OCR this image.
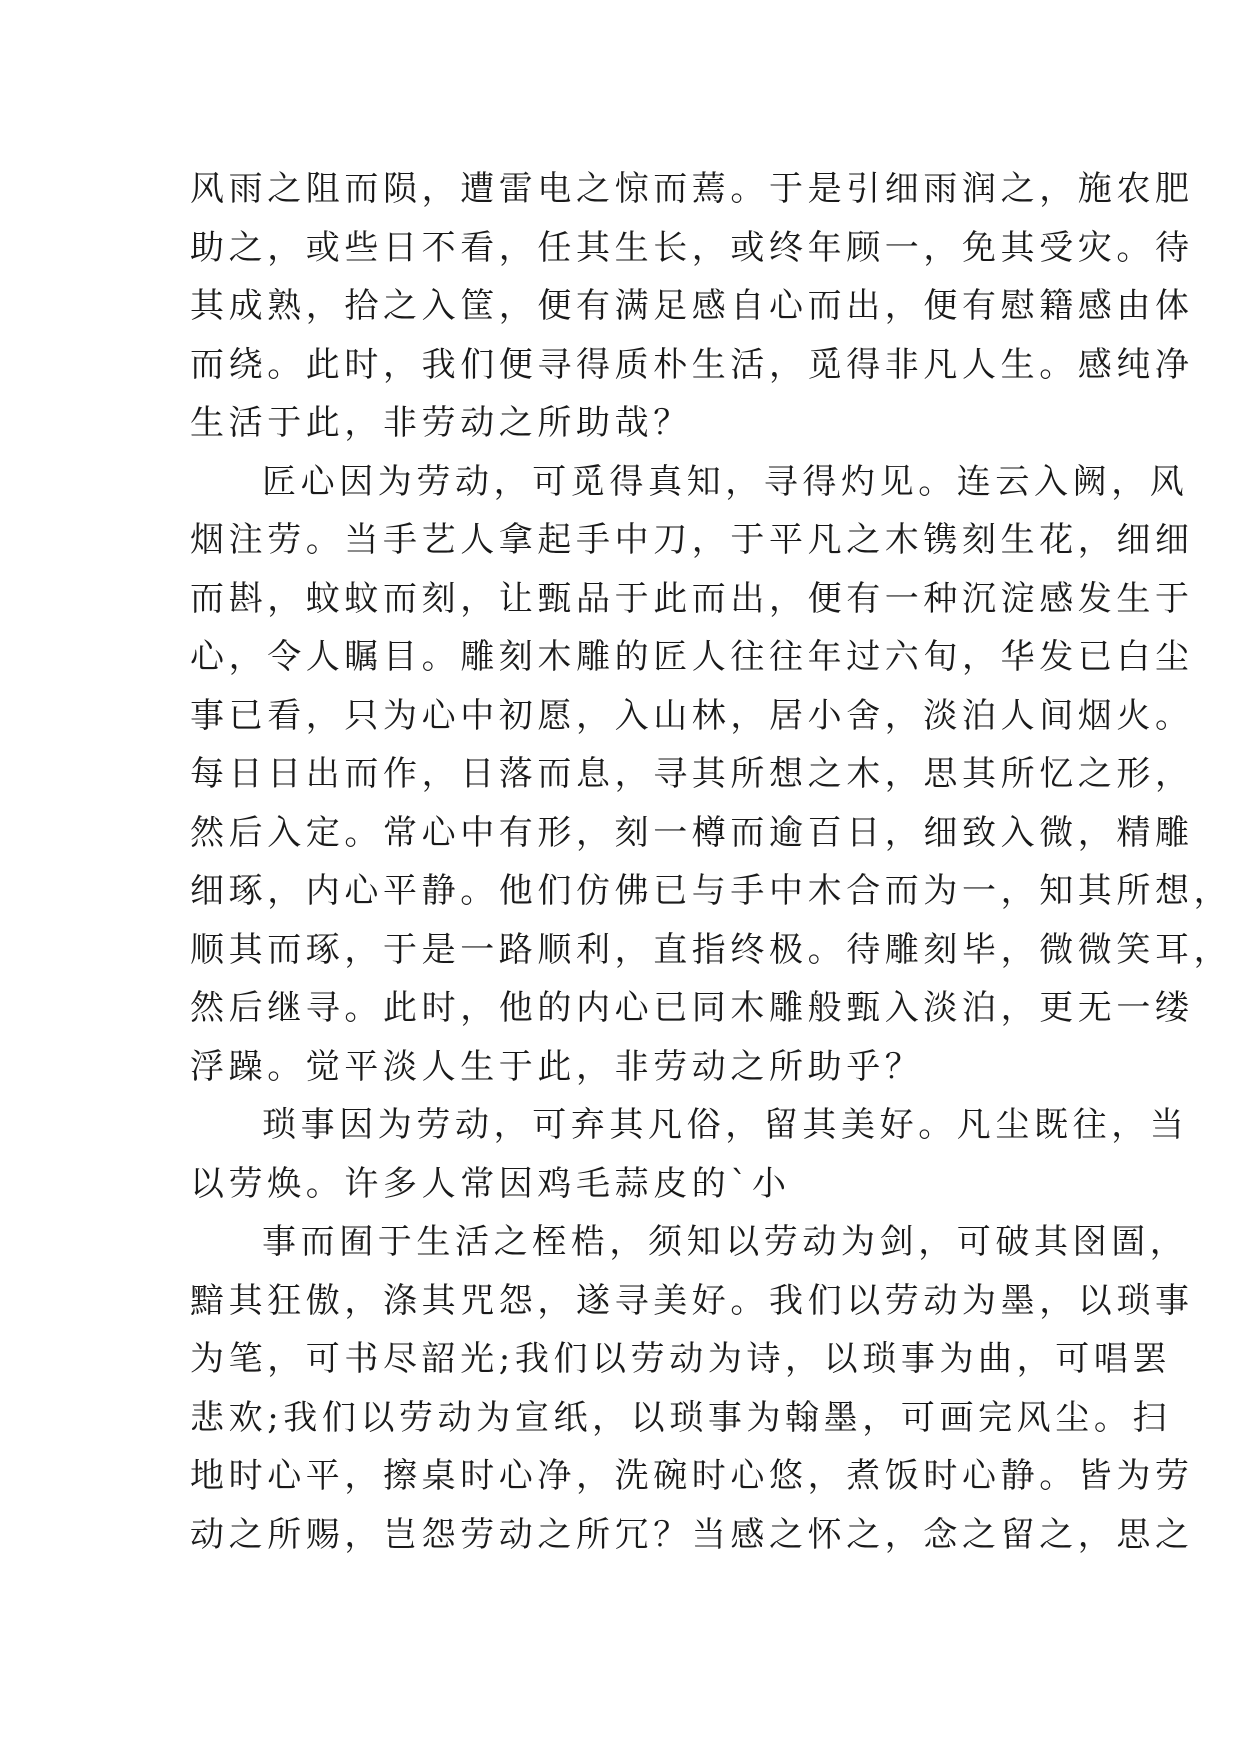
风雨之阻而陨，遭雷电之惊而蔫。于是引细雨润之，施农肥
助之，或些日不看，任其生长，或终年顾一，免其受灾。待
其成熟，拾之入筐，便有满足感自心而出，便有慰籍感由体
而绕。此时，我们便寻得质朴生活，觅得非凡人生。感纯净
生活于此，非劳动之所助哉？
匠心因为劳动，可觅得真知，寻得灼见。连云入阙，风
烟注劳。当手艺人拿起手中刀，于平凡之木镌刻生花，细细
而斟，蚊蚊而刻，让甄品于此而出，便有一种沉淀感发生于
心，令人瞩目。雕刻木雕的匠人往往年过六旬，华发已白尘
事已看，只为心中初愿，入山林，居小舍，淡泊人间烟火。
每日日出而作，日落而息，寻其所想之木，思其所忆之形，
然后入定。常心中有形，刻一樽而逾百日，细致入微，精雕
细琢，内心平静。他们仿佛已与手中木合而为一，知其所想，
顺其而琢，于是一路顺利，直指终极。待雕刻毕，微微笑耳，
然后继寻。此时，他的内心已同木雕般甄入淡泊，更无一缕
浮躁。觉平淡人生于此，非劳动之所助乎？
琐事因为劳动，可弃其凡俗，留其美好。凡尘既往，当
以劳焕。许多人常因鸡毛蒜皮的`小
事而囿于生活之桎梏，须知以劳动为剑，可破其囹圄，
黯其狂傲，涤其咒怨，遂寻美好。我们以劳动为墨，以琐事
为笔，可书尽韶光;我们以劳动为诗，以琐事为曲，可唱罢
悲欢;我们以劳动为宣纸，以琐事为翰墨，可画完风尘。扫
地时心平，擦桌时心净，洗碗时心悠，煮饭时心静。皆为劳
动之所赐，岂怨劳动之所冗？当感之怀之，念之留之，思之
